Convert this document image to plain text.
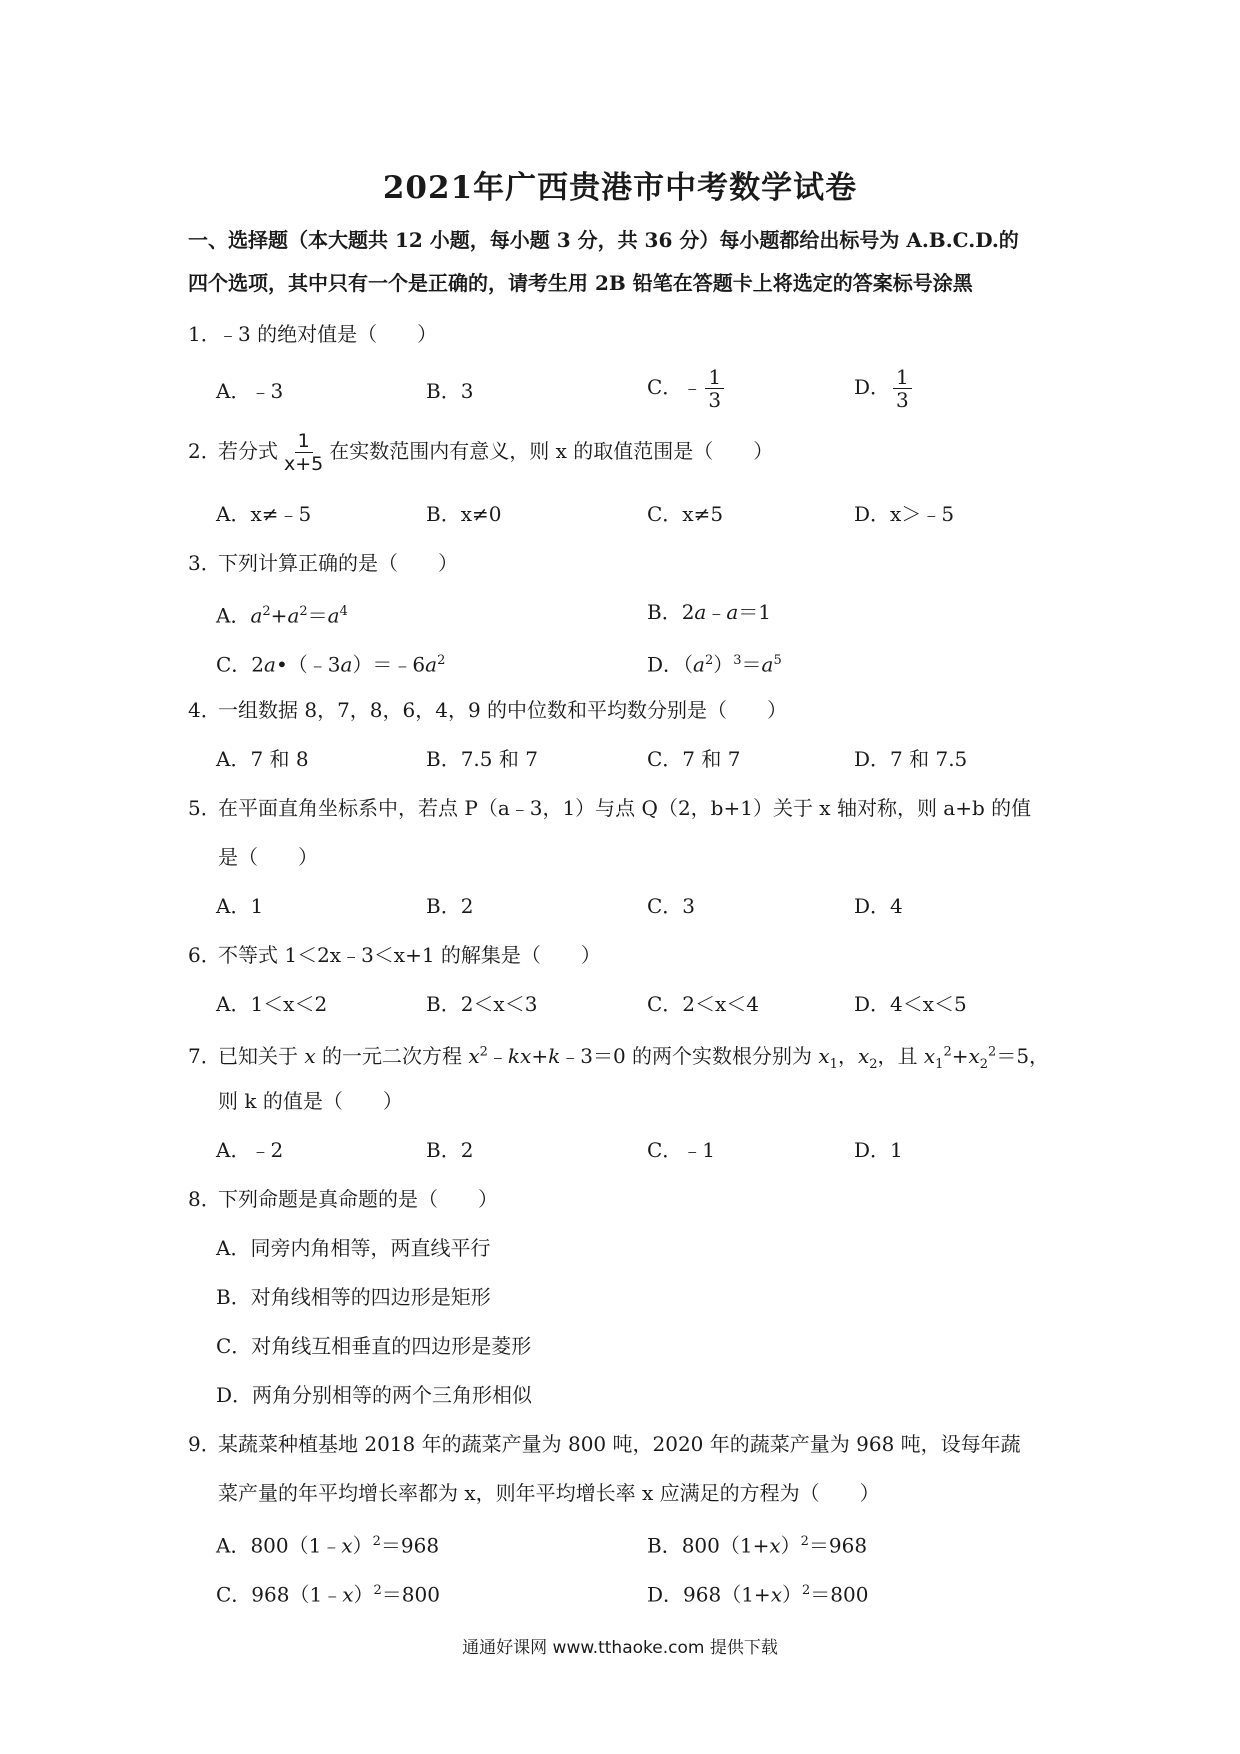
2021年广西贵港市中考数学试卷
一、选择题（本大题共 12 小题，每小题 3 分，共 36 分）每小题都给出标号为 A.B.C.D.的
四个选项，其中只有一个是正确的，请考生用 2B 铅笔在答题卡上将选定的答案标号涂黑
1．﹣3 的绝对值是（　　）
A．﹣3	B．3	C．﹣ $\frac{1}{3}$	D． $\frac{1}{3}$
2．若分式 $\frac{1}{x+5}$ 在实数范围内有意义，则 x 的取值范围是（　　）
A．x≠﹣5	B．x≠0	C．x≠5	D．x＞﹣5
3．下列计算正确的是（　　）
A．$a^2+a^2=a^4$	B．2a﹣a＝1
C．$2a•(﹣3a)=﹣6a^2$	D．$(a^2)^3=a^5$
4．一组数据 8，7，8，6，4，9 的中位数和平均数分别是（　　）
A．7 和 8	B．7.5 和 7	C．7 和 7	D．7 和 7.5
5．在平面直角坐标系中，若点 P（a﹣3，1）与点 Q（2，b+1）关于 x 轴对称，则 a+b 的值
是（　　）
A．1	B．2	C．3	D．4
6．不等式 1＜2x﹣3＜x+1 的解集是（　　）
A．1＜x＜2	B．2＜x＜3	C．2＜x＜4	D．4＜x＜5
7．已知关于 x 的一元二次方程 $x^2﹣kx+k﹣3=0$ 的两个实数根分别为 $x_1$，$x_2$，且 $x_1^2+x_2^2=5$，
则 k 的值是（　　）
A．﹣2	B．2	C．﹣1	D．1
8．下列命题是真命题的是（　　）
A．同旁内角相等，两直线平行
B．对角线相等的四边形是矩形
C．对角线互相垂直的四边形是菱形
D．两角分别相等的两个三角形相似
9．某蔬菜种植基地 2018 年的蔬菜产量为 800 吨，2020 年的蔬菜产量为 968 吨，设每年蔬
菜产量的年平均增长率都为 x，则年平均增长率 x 应满足的方程为（　　）
A．800（1﹣x）$^2$＝968	B．$800(1+x)^2=968$
C．968（1﹣x）$^2$＝800	D．$968(1+x)^2=800$
通通好课网 www.tthaoke.com 提供下载
